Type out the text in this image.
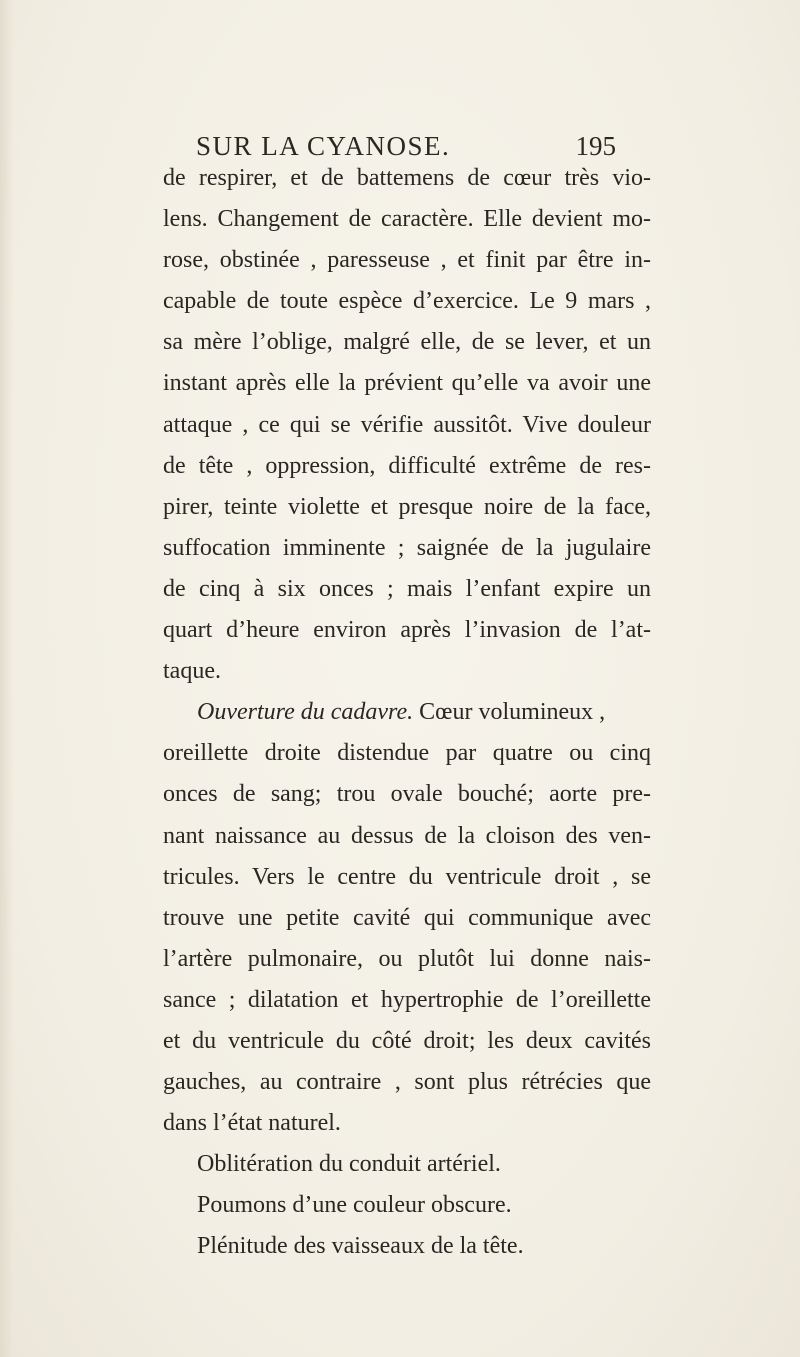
SUR LA CYANOSE.	195
de respirer, et de battemens de cœur très vio-
lens. Changement de caractère. Elle devient mo-
rose, obstinée , paresseuse , et finit par être in-
capable de toute espèce d’exercice. Le 9 mars ,
sa mère l’oblige, malgré elle, de se lever, et un
instant après elle la prévient qu’elle va avoir une
attaque , ce qui se vérifie aussitôt. Vive douleur
de tête , oppression, difficulté extrême de res-
pirer, teinte violette et presque noire de la face,
suffocation imminente ; saignée de la jugulaire
de cinq à six onces ; mais l’enfant expire un
quart d’heure environ après l’invasion de l’at-
taque.
Ouverture du cadavre. Cœur volumineux ,
oreillette droite distendue par quatre ou cinq
onces de sang; trou ovale bouché; aorte pre-
nant naissance au dessus de la cloison des ven-
tricules. Vers le centre du ventricule droit , se
trouve une petite cavité qui communique avec
l’artère pulmonaire, ou plutôt lui donne nais-
sance ; dilatation et hypertrophie de l’oreillette
et du ventricule du côté droit; les deux cavités
gauches, au contraire , sont plus rétrécies que
dans l’état naturel.
Oblitération du conduit artériel.
Poumons d’une couleur obscure.
Plénitude des vaisseaux de la tête.
